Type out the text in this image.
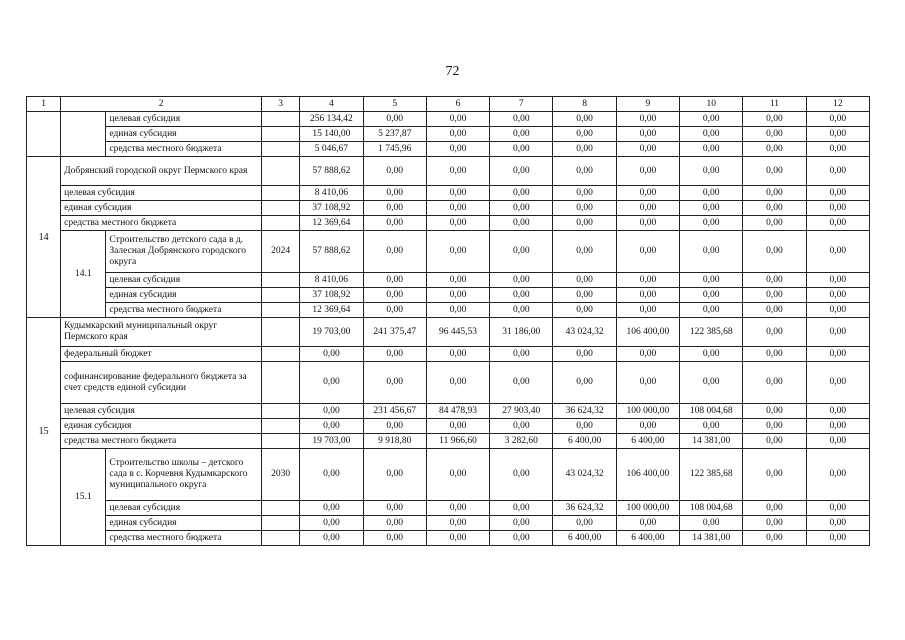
72
1	2		3	4	5	6	7	8	9	10	11	12
		целевая субсидия		256 134,42	0,00	0,00	0,00	0,00	0,00	0,00	0,00	0,00
		единая субсидия		15 140,00	5 237,87	0,00	0,00	0,00	0,00	0,00	0,00	0,00
		средства местного бюджета		5 046,67	1 745,96	0,00	0,00	0,00	0,00	0,00	0,00	0,00
14	Добрянский городской округ Пермского края			57 888,62	0,00	0,00	0,00	0,00	0,00	0,00	0,00	0,00
	целевая субсидия			8 410,06	0,00	0,00	0,00	0,00	0,00	0,00	0,00	0,00
	единая субсидия			37 108,92	0,00	0,00	0,00	0,00	0,00	0,00	0,00	0,00
	средства местного бюджета			12 369,64	0,00	0,00	0,00	0,00	0,00	0,00	0,00	0,00
	14.1	Строительство детского сада в д. Залесная Добрянского городского округа	2024	57 888,62	0,00	0,00	0,00	0,00	0,00	0,00	0,00	0,00
		целевая субсидия		8 410,06	0,00	0,00	0,00	0,00	0,00	0,00	0,00	0,00
		единая субсидия		37 108,92	0,00	0,00	0,00	0,00	0,00	0,00	0,00	0,00
		средства местного бюджета		12 369,64	0,00	0,00	0,00	0,00	0,00	0,00	0,00	0,00
15	Кудымкарский муниципальный округ Пермского края			19 703,00	241 375,47	96 445,53	31 186,00	43 024,32	106 400,00	122 385,68	0,00	0,00
	федеральный бюджет			0,00	0,00	0,00	0,00	0,00	0,00	0,00	0,00	0,00
	софинансирование федерального бюджета за счет средств единой субсидии			0,00	0,00	0,00	0,00	0,00	0,00	0,00	0,00	0,00
	целевая субсидия			0,00	231 456,67	84 478,93	27 903,40	36 624,32	100 000,00	108 004,68	0,00	0,00
	единая субсидия			0,00	0,00	0,00	0,00	0,00	0,00	0,00	0,00	0,00
	средства местного бюджета			19 703,00	9 918,80	11 966,60	3 282,60	6 400,00	6 400,00	14 381,00	0,00	0,00
	15.1	Строительство школы – детского сада в с. Корчевня Кудымкарского муниципального округа	2030	0,00	0,00	0,00	0,00	43 024,32	106 400,00	122 385,68	0,00	0,00
		целевая субсидия		0,00	0,00	0,00	0,00	36 624,32	100 000,00	108 004,68	0,00	0,00
		единая субсидия		0,00	0,00	0,00	0,00	0,00	0,00	0,00	0,00	0,00
		средства местного бюджета		0,00	0,00	0,00	0,00	6 400,00	6 400,00	14 381,00	0,00	0,00
